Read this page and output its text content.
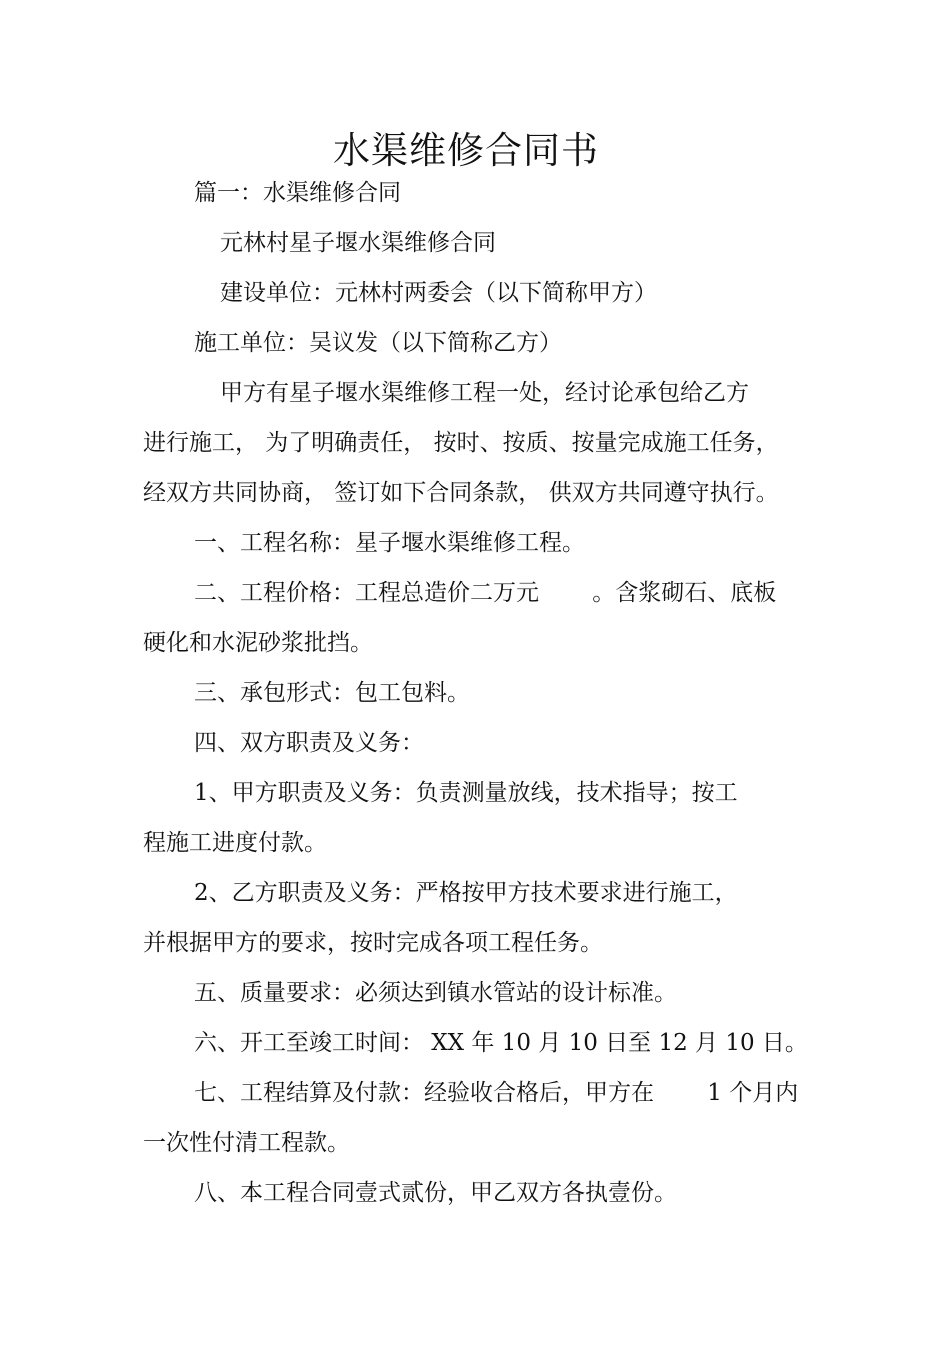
水渠维修合同书
篇一：水渠维修合同
元林村星子堰水渠维修合同
建设单位：元林村两委会（以下简称甲方）
施工单位：吴议发（以下简称乙方）
甲方有星子堰水渠维修工程一处，经讨论承包给乙方
进行施工， 为了明确责任， 按时、按质、按量完成施工任务，
经双方共同协商， 签订如下合同条款， 供双方共同遵守执行。
一、工程名称：星子堰水渠维修工程。
二、工程价格：工程总造价二万元　　 。含浆砌石、底板
硬化和水泥砂浆批挡。
三、承包形式：包工包料。
四、双方职责及义务：
1、甲方职责及义务：负责测量放线，技术指导；按工
程施工进度付款。
2、乙方职责及义务：严格按甲方技术要求进行施工，
并根据甲方的要求，按时完成各项工程任务。
五、质量要求：必须达到镇水管站的设计标准。
六、开工至竣工时间： XX 年 10 月 10 日至 12 月 10 日。
七、工程结算及付款：经验收合格后，甲方在　　 1 个月内
一次性付清工程款。
八、本工程合同壹式贰份，甲乙双方各执壹份。
